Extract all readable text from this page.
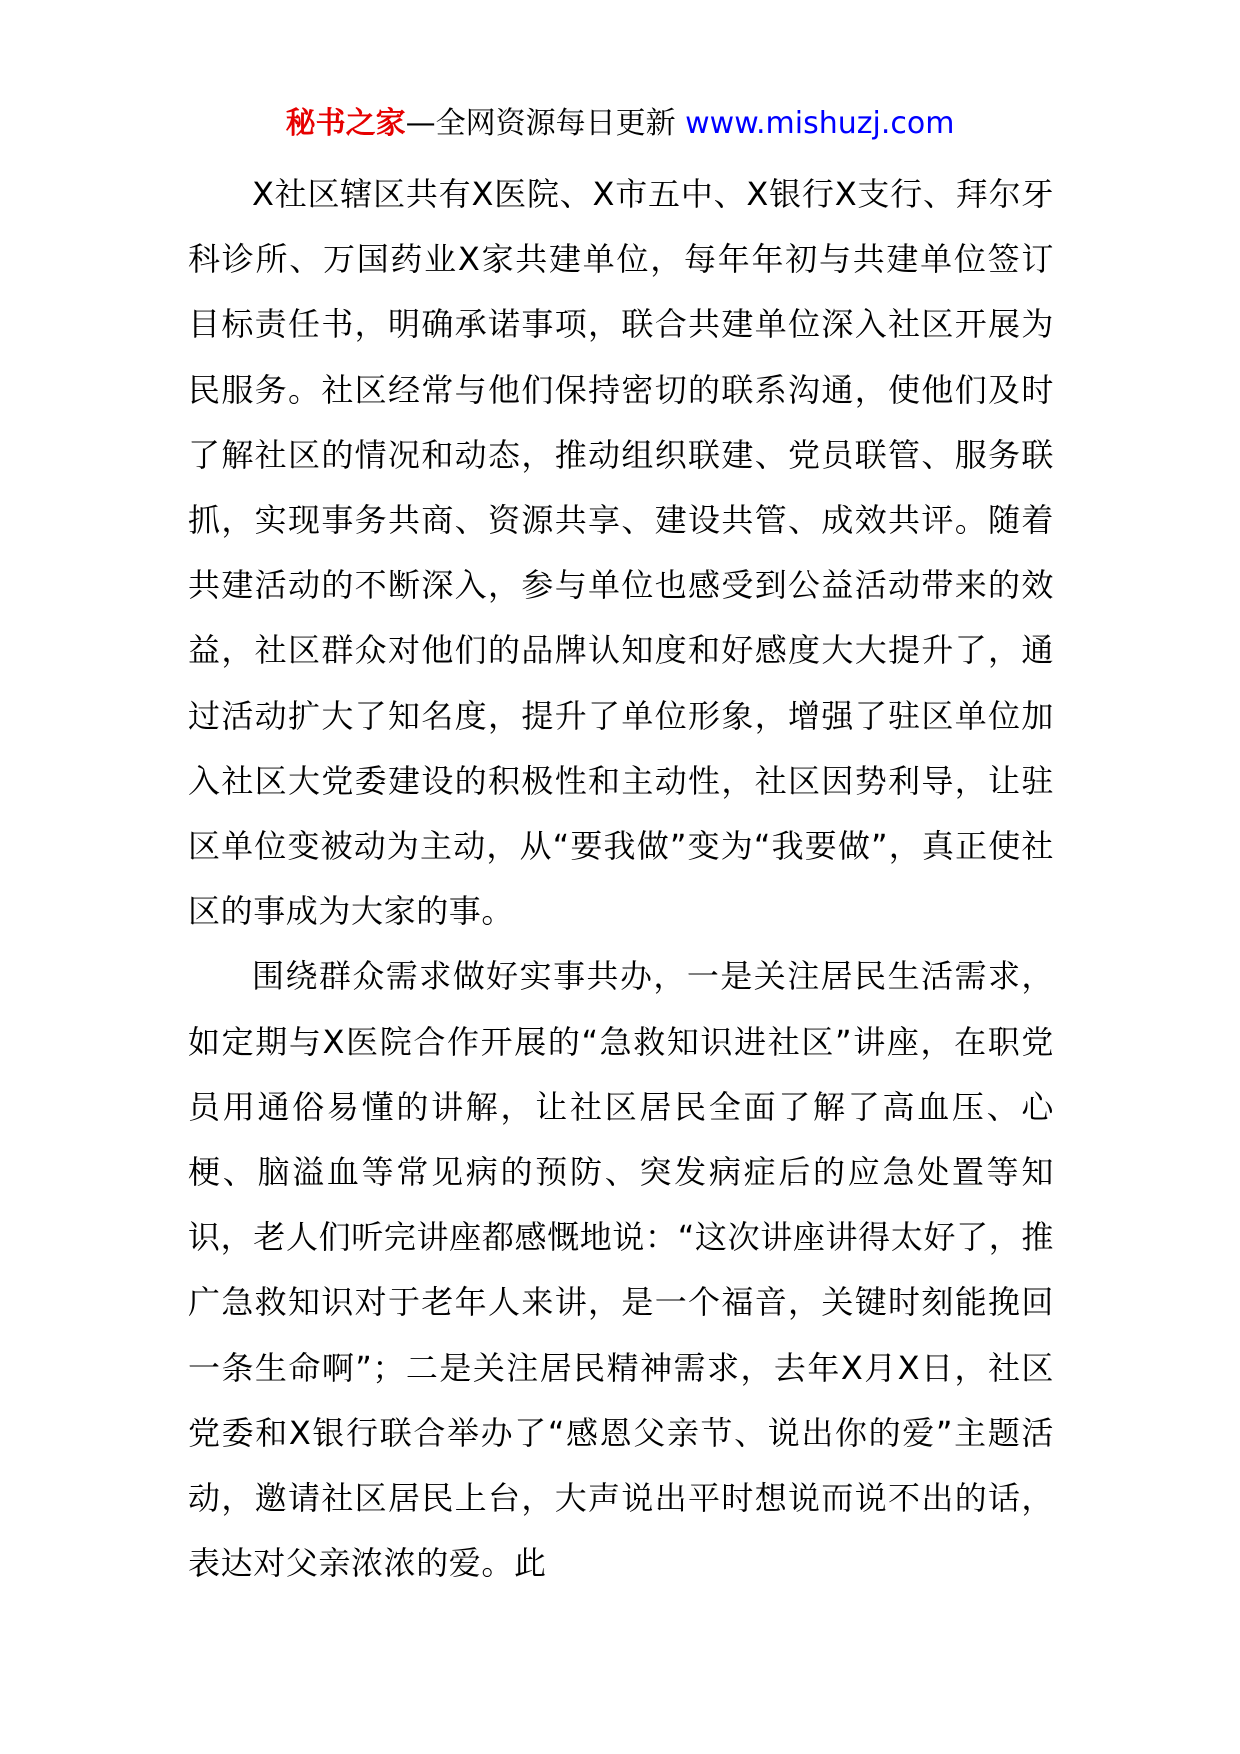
秘书之家—全网资源每日更新 www.mishuzj.com

X社区辖区共有X医院、X市五中、X银行X支行、拜尔牙科诊所、万国药业X家共建单位，每年年初与共建单位签订目标责任书，明确承诺事项，联合共建单位深入社区开展为民服务。社区经常与他们保持密切的联系沟通，使他们及时了解社区的情况和动态，推动组织联建、党员联管、服务联抓，实现事务共商、资源共享、建设共管、成效共评。随着共建活动的不断深入，参与单位也感受到公益活动带来的效益，社区群众对他们的品牌认知度和好感度大大提升了，通过活动扩大了知名度，提升了单位形象，增强了驻区单位加入社区大党委建设的积极性和主动性，社区因势利导，让驻区单位变被动为主动，从“要我做”变为“我要做”，真正使社区的事成为大家的事。

围绕群众需求做好实事共办，一是关注居民生活需求，如定期与X医院合作开展的“急救知识进社区”讲座，在职党员用通俗易懂的讲解，让社区居民全面了解了高血压、心梗、脑溢血等常见病的预防、突发病症后的应急处置等知识，老人们听完讲座都感慨地说：“这次讲座讲得太好了，推广急救知识对于老年人来讲，是一个福音，关键时刻能挽回一条生命啊”；二是关注居民精神需求，去年X月X日，社区党委和X银行联合举办了“感恩父亲节、说出你的爱”主题活动，邀请社区居民上台，大声说出平时想说而说不出的话，表达对父亲浓浓的爱。此
